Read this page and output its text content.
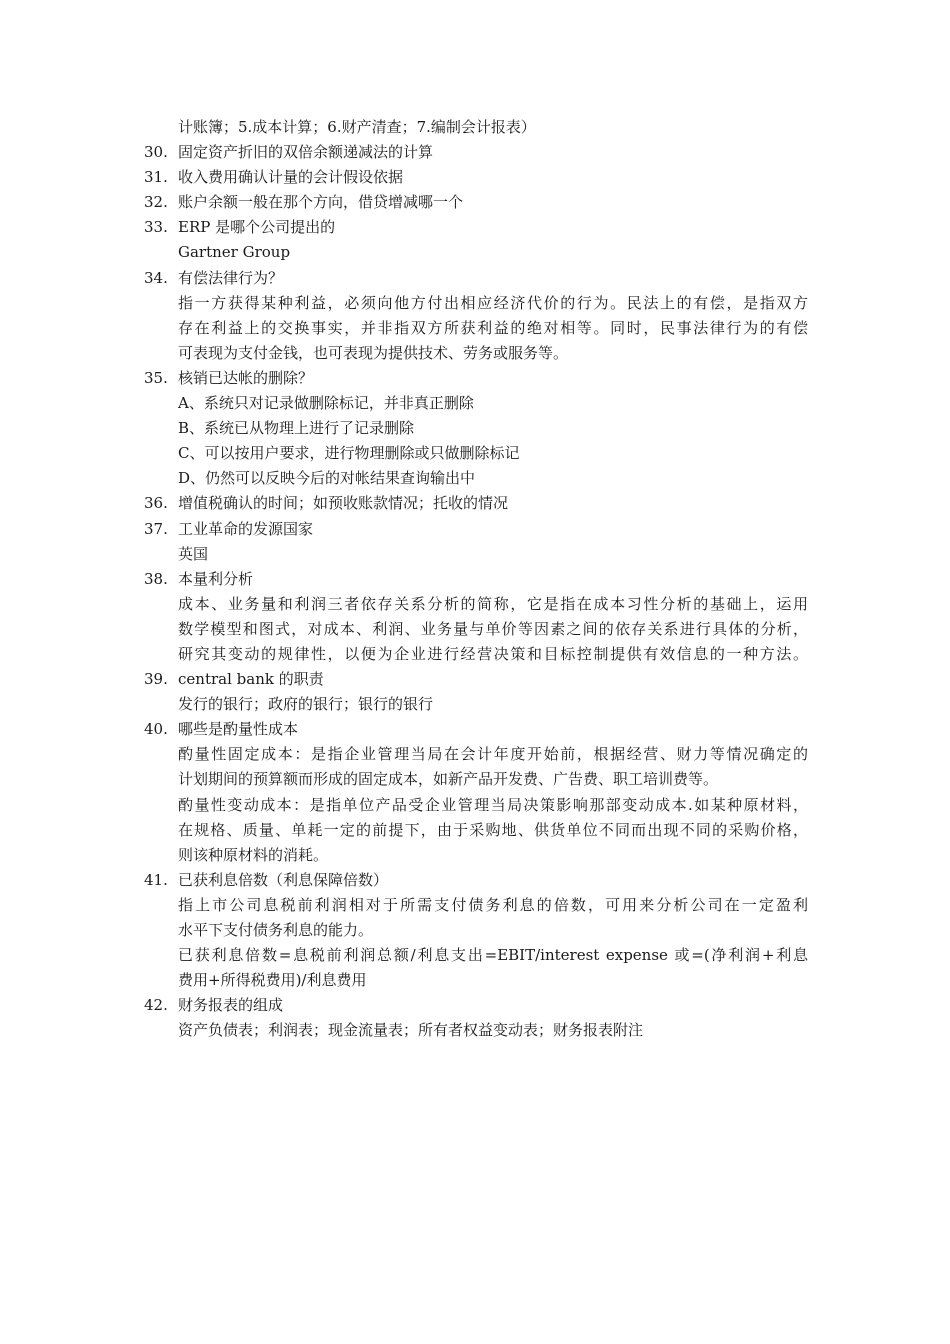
计账簿；5.成本计算；6.财产清查；7.编制会计报表）
30. 固定资产折旧的双倍余额递减法的计算
31. 收入费用确认计量的会计假设依据
32. 账户余额一般在那个方向，借贷增减哪一个
33. ERP 是哪个公司提出的
Gartner Group
34. 有偿法律行为？
指一方获得某种利益，必须向他方付出相应经济代价的行为。民法上的有偿，是指双方
存在利益上的交换事实，并非指双方所获利益的绝对相等。同时，民事法律行为的有偿
可表现为支付金钱，也可表现为提供技术、劳务或服务等。
35. 核销已达帐的删除？
A、系统只对记录做删除标记，并非真正删除
B、系统已从物理上进行了记录删除
C、可以按用户要求，进行物理删除或只做删除标记
D、仍然可以反映今后的对帐结果查询输出中
36. 增值税确认的时间；如预收账款情况；托收的情况
37. 工业革命的发源国家
英国
38. 本量利分析
成本、业务量和利润三者依存关系分析的简称，它是指在成本习性分析的基础上，运用
数学模型和图式，对成本、利润、业务量与单价等因素之间的依存关系进行具体的分析，
研究其变动的规律性，以便为企业进行经营决策和目标控制提供有效信息的一种方法。
39. central bank 的职责
发行的银行；政府的银行；银行的银行
40. 哪些是酌量性成本
酌量性固定成本：是指企业管理当局在会计年度开始前，根据经营、财力等情况确定的
计划期间的预算额而形成的固定成本，如新产品开发费、广告费、职工培训费等。
酌量性变动成本：是指单位产品受企业管理当局决策影响那部变动成本.如某种原材料，
在规格、质量、单耗一定的前提下，由于采购地、供货单位不同而出现不同的采购价格，
则该种原材料的消耗。
41. 已获利息倍数（利息保障倍数）
指上市公司息税前利润相对于所需支付债务利息的倍数，可用来分析公司在一定盈利
水平下支付债务利息的能力。
已获利息倍数=息税前利润总额/利息支出=EBIT/interest expense 或=(净利润+利息
费用+所得税费用)/利息费用
42. 财务报表的组成
资产负债表；利润表；现金流量表；所有者权益变动表；财务报表附注
